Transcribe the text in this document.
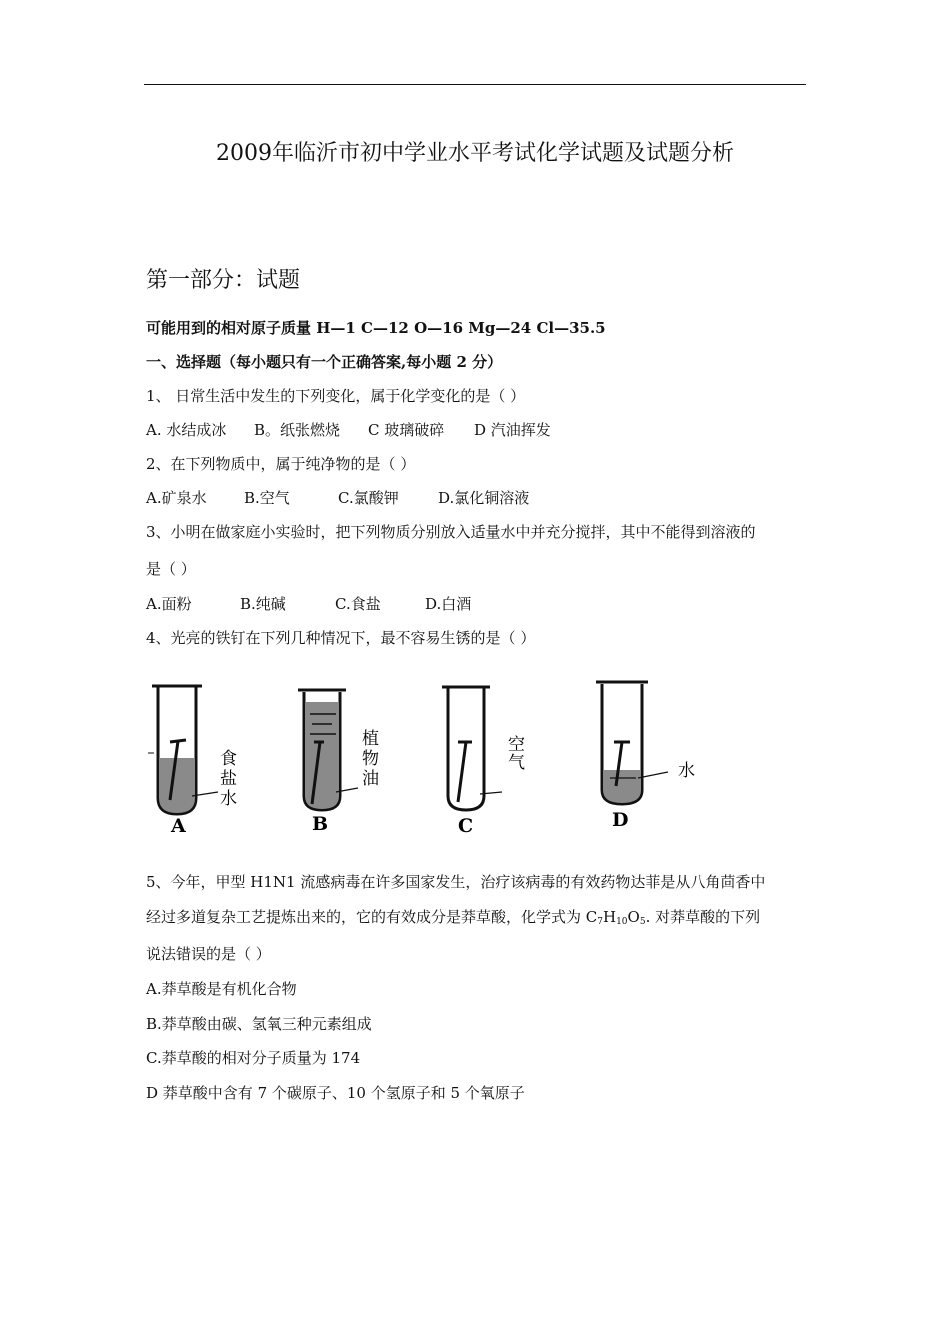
2009年临沂市初中学业水平考试化学试题及试题分析
第一部分：试题
可能用到的相对原子质量 H—1 C—12 O—16 Mg—24 Cl—35.5
一、选择题（每小题只有一个正确答案,每小题 2 分）
1、 日常生活中发生的下列变化，属于化学变化的是（ ）
A. 水结成冰 B。纸张燃烧 C 玻璃破碎 D 汽油挥发
2、在下列物质中，属于纯净物的是（ ）
A.矿泉水 B.空气	C.氯酸钾	D.氯化铜溶液
3、小明在做家庭小实验时，把下列物质分别放入适量水中并充分搅拌，其中不能得到溶液的
是（ ）
A.面粉	B.纯碱	C.食盐	D.白酒
4、光亮的铁钉在下列几种情况下，最不容易生锈的是（ ）
食
盐
水
A
植
物
油
B
空
气
C
水
D
5、今年，甲型 H1N1 流感病毒在许多国家发生，治疗该病毒的有效药物达菲是从八角茴香中
经过多道复杂工艺提炼出来的，它的有效成分是莽草酸，化学式为 $C_7H_{10}O_5$. 对莽草酸的下列
说法错误的是（ ）
A.莽草酸是有机化合物
B.莽草酸由碳、氢氧三种元素组成
C.莽草酸的相对分子质量为 174
D 莽草酸中含有 7 个碳原子、10 个氢原子和 5 个氧原子
